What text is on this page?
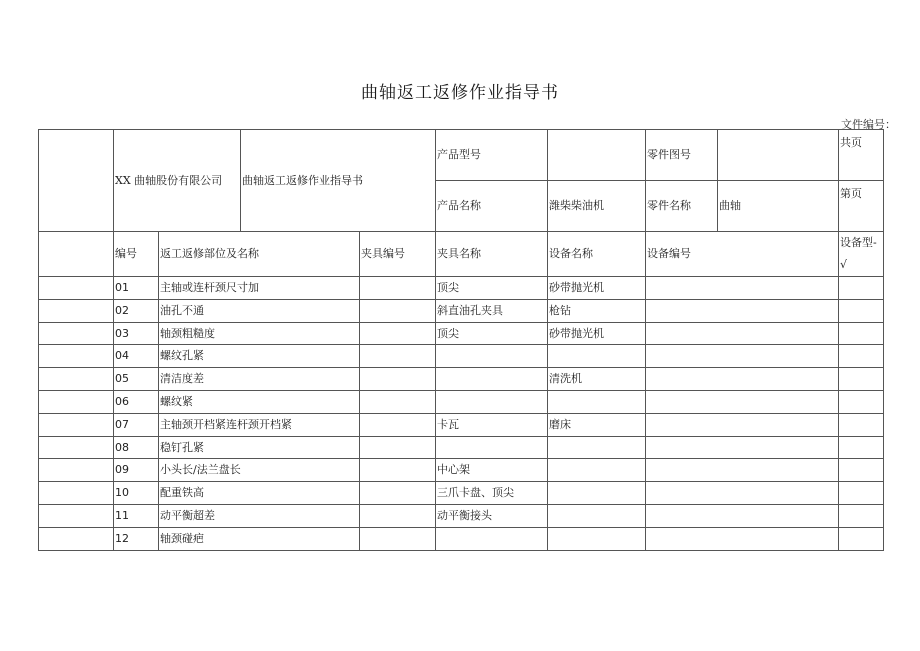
曲轴返工返修作业指导书
文件编号：
	XX 曲轴股份有限公司		曲轴返工返修作业指导书		产品型号		零件图号		共页
					产品名称	潍柴柴油机	零件名称	曲轴	第页
	编号	返工返修部位及名称		夹具编号	夹具名称	设备名称	设备编号		设备型- √
	01	主轴或连杆颈尺寸加			顶尖	砂带抛光机			
	02	油孔不通			斜直油孔夹具	枪钻			
	03	轴颈粗糙度			顶尖	砂带抛光机			
	04	螺纹孔紧							
	05	清洁度差				清洗机			
	06	螺纹紧							
	07	主轴颈开档紧连杆颈开档紧			卡瓦	磨床			
	08	稳钉孔紧							
	09	小头长/法兰盘长			中心架				
	10	配重铁高			三爪卡盘、顶尖				
	11	动平衡超差			动平衡接头				
	12	轴颈碰疤							
